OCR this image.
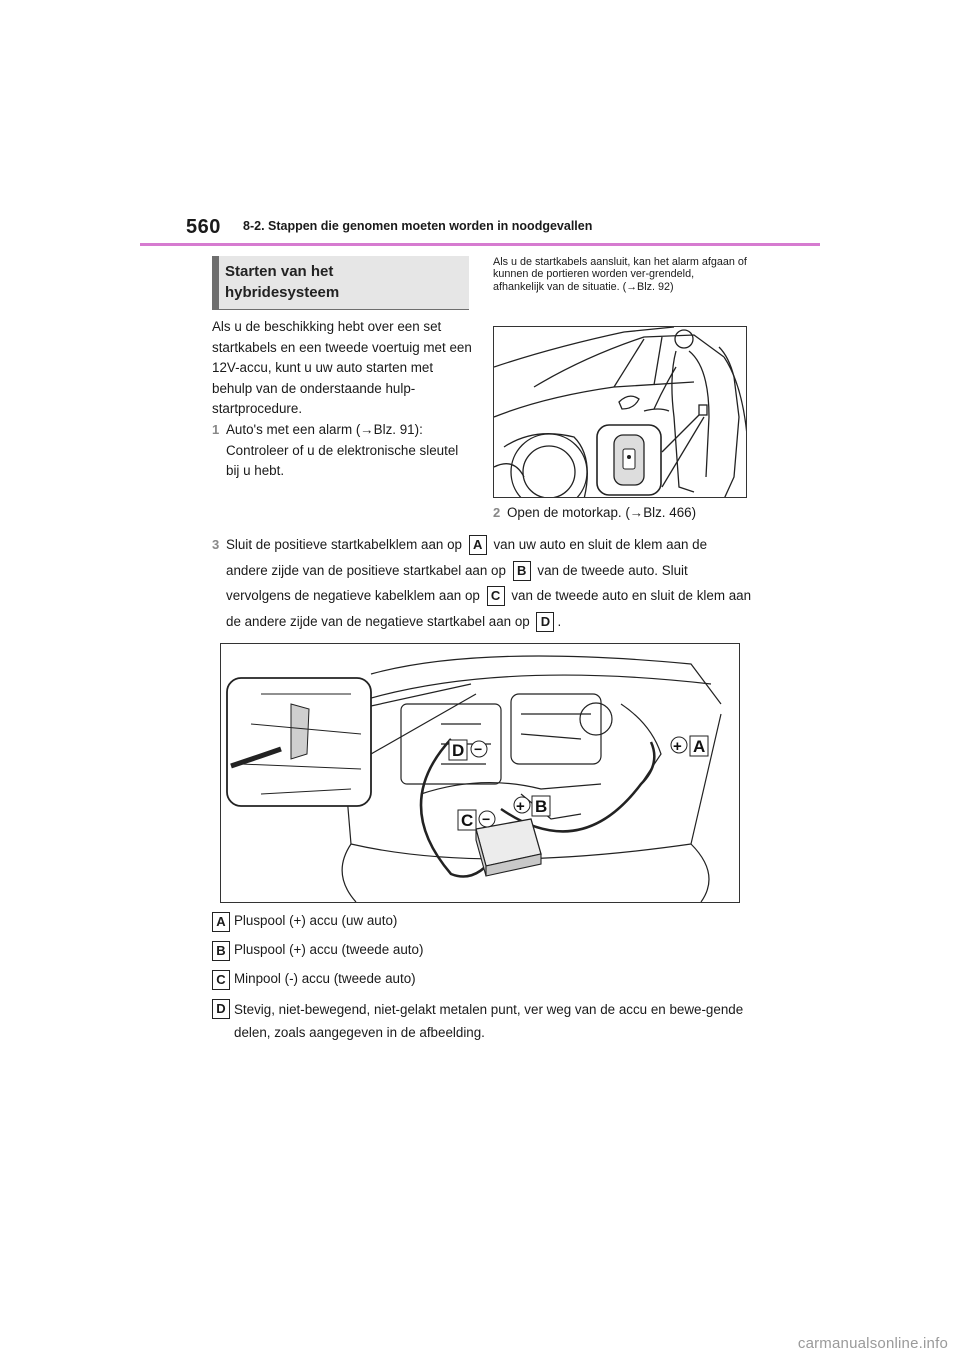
560 8-2. Stappen die genomen moeten worden in noodgevallen
Starten van het
hybridesysteem
Als u de beschikking hebt over een set startkabels en een tweede voertuig met een 12V-accu, kunt u uw auto starten met behulp van de onderstaande hulp-startprocedure.
1 Auto's met een alarm (→Blz. 91): Controleer of u de elektronische sleutel bij u hebt.
Als u de startkabels aansluit, kan het alarm afgaan of kunnen de portieren worden ver-grendeld, afhankelijk van de situatie. (→Blz. 92)
2 Open de motorkap. (→Blz. 466)
3 Sluit de positieve startkabelklem aan op A van uw auto en sluit de klem aan de andere zijde van de positieve startkabel aan op B van de tweede auto. Sluit vervolgens de negatieve kabelklem aan op C van de tweede auto en sluit de klem aan de andere zijde van de negatieve startkabel aan op D .
D −	+ A
+ B
C −
A Pluspool (+) accu (uw auto)
B Pluspool (+) accu (tweede auto)
C Minpool (-) accu (tweede auto)
D Stevig, niet-bewegend, niet-gelakt metalen punt, ver weg van de accu en bewe-gende delen, zoals aangegeven in de afbeelding.
carmanualsonline.info
